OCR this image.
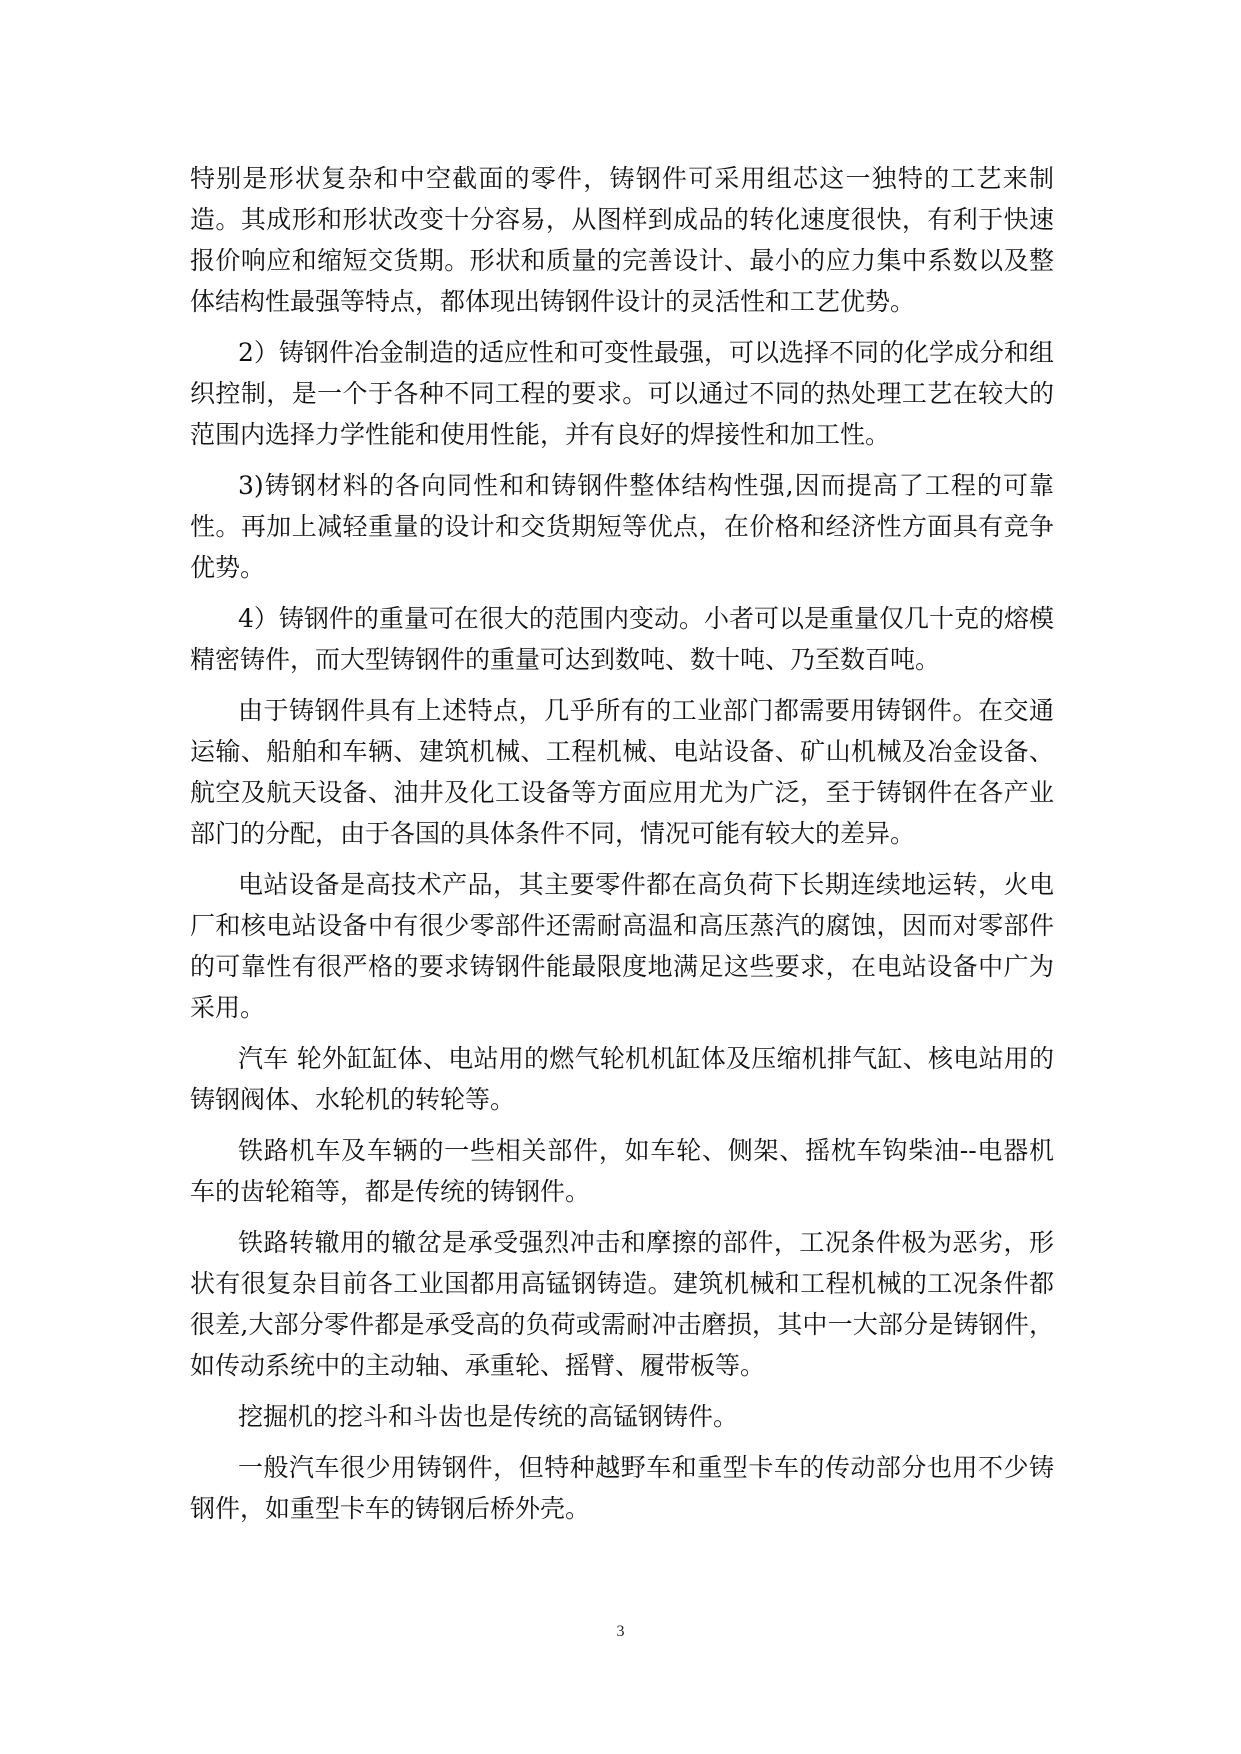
特别是形状复杂和中空截面的零件，铸钢件可采用组芯这一独特的工艺来制造。其成形和形状改变十分容易，从图样到成品的转化速度很快，有利于快速报价响应和缩短交货期。形状和质量的完善设计、最小的应力集中系数以及整体结构性最强等特点，都体现出铸钢件设计的灵活性和工艺优势。

2）铸钢件冶金制造的适应性和可变性最强，可以选择不同的化学成分和组织控制，是一个于各种不同工程的要求。可以通过不同的热处理工艺在较大的范围内选择力学性能和使用性能，并有良好的焊接性和加工性。

3)铸钢材料的各向同性和和铸钢件整体结构性强,因而提高了工程的可靠性。再加上减轻重量的设计和交货期短等优点，在价格和经济性方面具有竞争优势。

4）铸钢件的重量可在很大的范围内变动。小者可以是重量仅几十克的熔模精密铸件，而大型铸钢件的重量可达到数吨、数十吨、乃至数百吨。

由于铸钢件具有上述特点，几乎所有的工业部门都需要用铸钢件。在交通运输、船舶和车辆、建筑机械、工程机械、电站设备、矿山机械及冶金设备、航空及航天设备、油井及化工设备等方面应用尤为广泛，至于铸钢件在各产业部门的分配，由于各国的具体条件不同，情况可能有较大的差异。

电站设备是高技术产品，其主要零件都在高负荷下长期连续地运转，火电厂和核电站设备中有很少零部件还需耐高温和高压蒸汽的腐蚀，因而对零部件的可靠性有很严格的要求铸钢件能最限度地满足这些要求，在电站设备中广为采用。

汽车 轮外缸缸体、电站用的燃气轮机机缸体及压缩机排气缸、核电站用的铸钢阀体、水轮机的转轮等。

铁路机车及车辆的一些相关部件，如车轮、侧架、摇枕车钩柴油--电器机车的齿轮箱等，都是传统的铸钢件。

铁路转辙用的辙岔是承受强烈冲击和摩擦的部件，工况条件极为恶劣，形状有很复杂目前各工业国都用高锰钢铸造。建筑机械和工程机械的工况条件都很差,大部分零件都是承受高的负荷或需耐冲击磨损，其中一大部分是铸钢件，如传动系统中的主动轴、承重轮、摇臂、履带板等。

挖掘机的挖斗和斗齿也是传统的高锰钢铸件。

一般汽车很少用铸钢件，但特种越野车和重型卡车的传动部分也用不少铸钢件，如重型卡车的铸钢后桥外壳。

3
